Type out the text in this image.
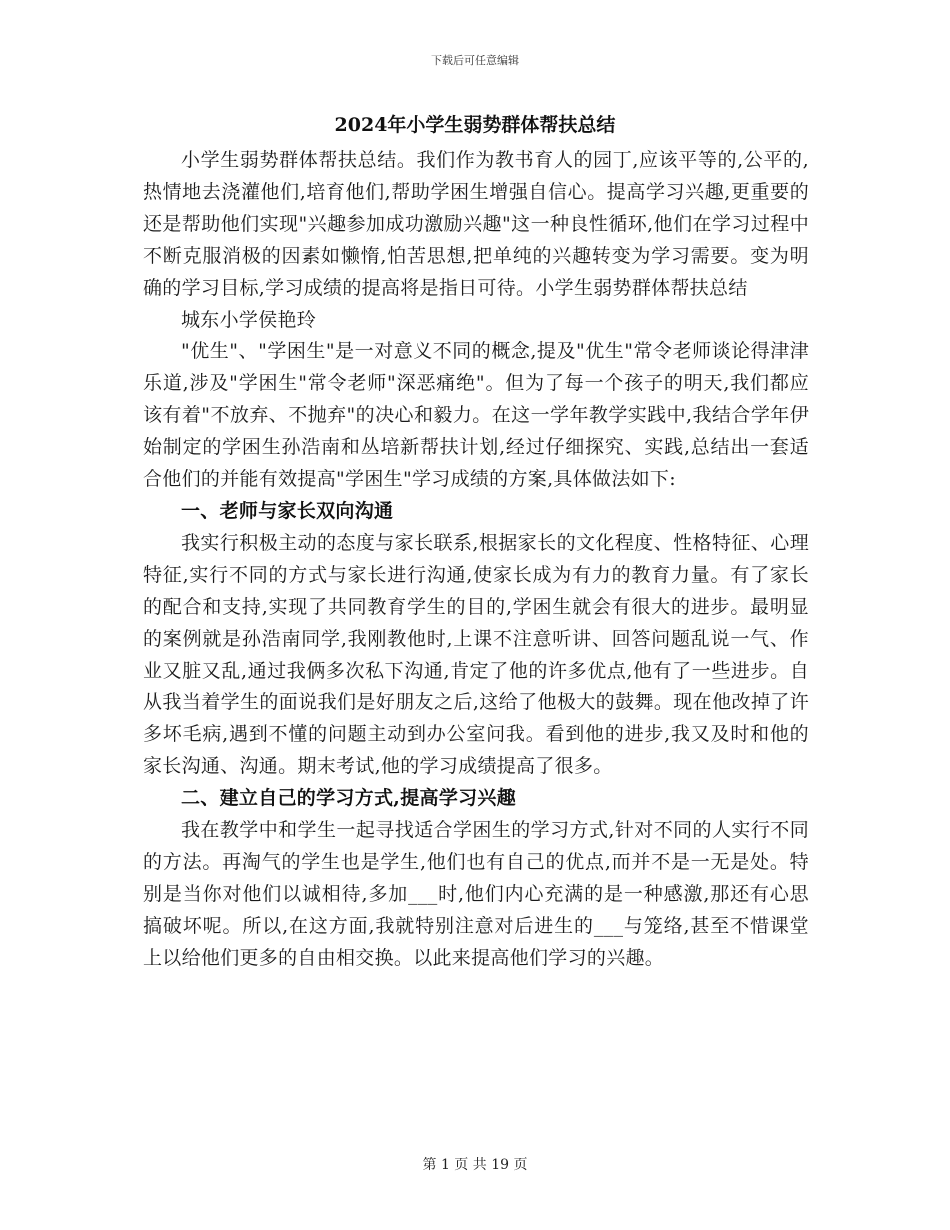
下载后可任意编辑
2024年小学生弱势群体帮扶总结

小学生弱势群体帮扶总结。我们作为教书育人的园丁,应该平等的,公平的,热情地去浇灌他们,培育他们,帮助学困生增强自信心。提高学习兴趣,更重要的还是帮助他们实现"兴趣参加成功激励兴趣"这一种良性循环,他们在学习过程中不断克服消极的因素如懒惰,怕苦思想,把单纯的兴趣转变为学习需要。变为明确的学习目标,学习成绩的提高将是指日可待。小学生弱势群体帮扶总结

城东小学侯艳玲

"优生"、"学困生"是一对意义不同的概念,提及"优生"常令老师谈论得津津乐道,涉及"学困生"常令老师"深恶痛绝"。但为了每一个孩子的明天,我们都应该有着"不放弃、不抛弃"的决心和毅力。在这一学年教学实践中,我结合学年伊始制定的学困生孙浩南和丛培新帮扶计划,经过仔细探究、实践,总结出一套适合他们的并能有效提高"学困生"学习成绩的方案,具体做法如下:

一、老师与家长双向沟通

我实行积极主动的态度与家长联系,根据家长的文化程度、性格特征、心理特征,实行不同的方式与家长进行沟通,使家长成为有力的教育力量。有了家长的配合和支持,实现了共同教育学生的目的,学困生就会有很大的进步。最明显的案例就是孙浩南同学,我刚教他时,上课不注意听讲、回答问题乱说一气、作业又脏又乱,通过我俩多次私下沟通,肯定了他的许多优点,他有了一些进步。自从我当着学生的面说我们是好朋友之后,这给了他极大的鼓舞。现在他改掉了许多坏毛病,遇到不懂的问题主动到办公室问我。看到他的进步,我又及时和他的家长沟通、沟通。期末考试,他的学习成绩提高了很多。

二、建立自己的学习方式,提高学习兴趣

我在教学中和学生一起寻找适合学困生的学习方式,针对不同的人实行不同的方法。再淘气的学生也是学生,他们也有自己的优点,而并不是一无是处。特别是当你对他们以诚相待,多加___时,他们内心充满的是一种感激,那还有心思搞破坏呢。所以,在这方面,我就特别注意对后进生的___与笼络,甚至不惜课堂上以给他们更多的自由相交换。以此来提高他们学习的兴趣。

第 1 页 共 19 页
